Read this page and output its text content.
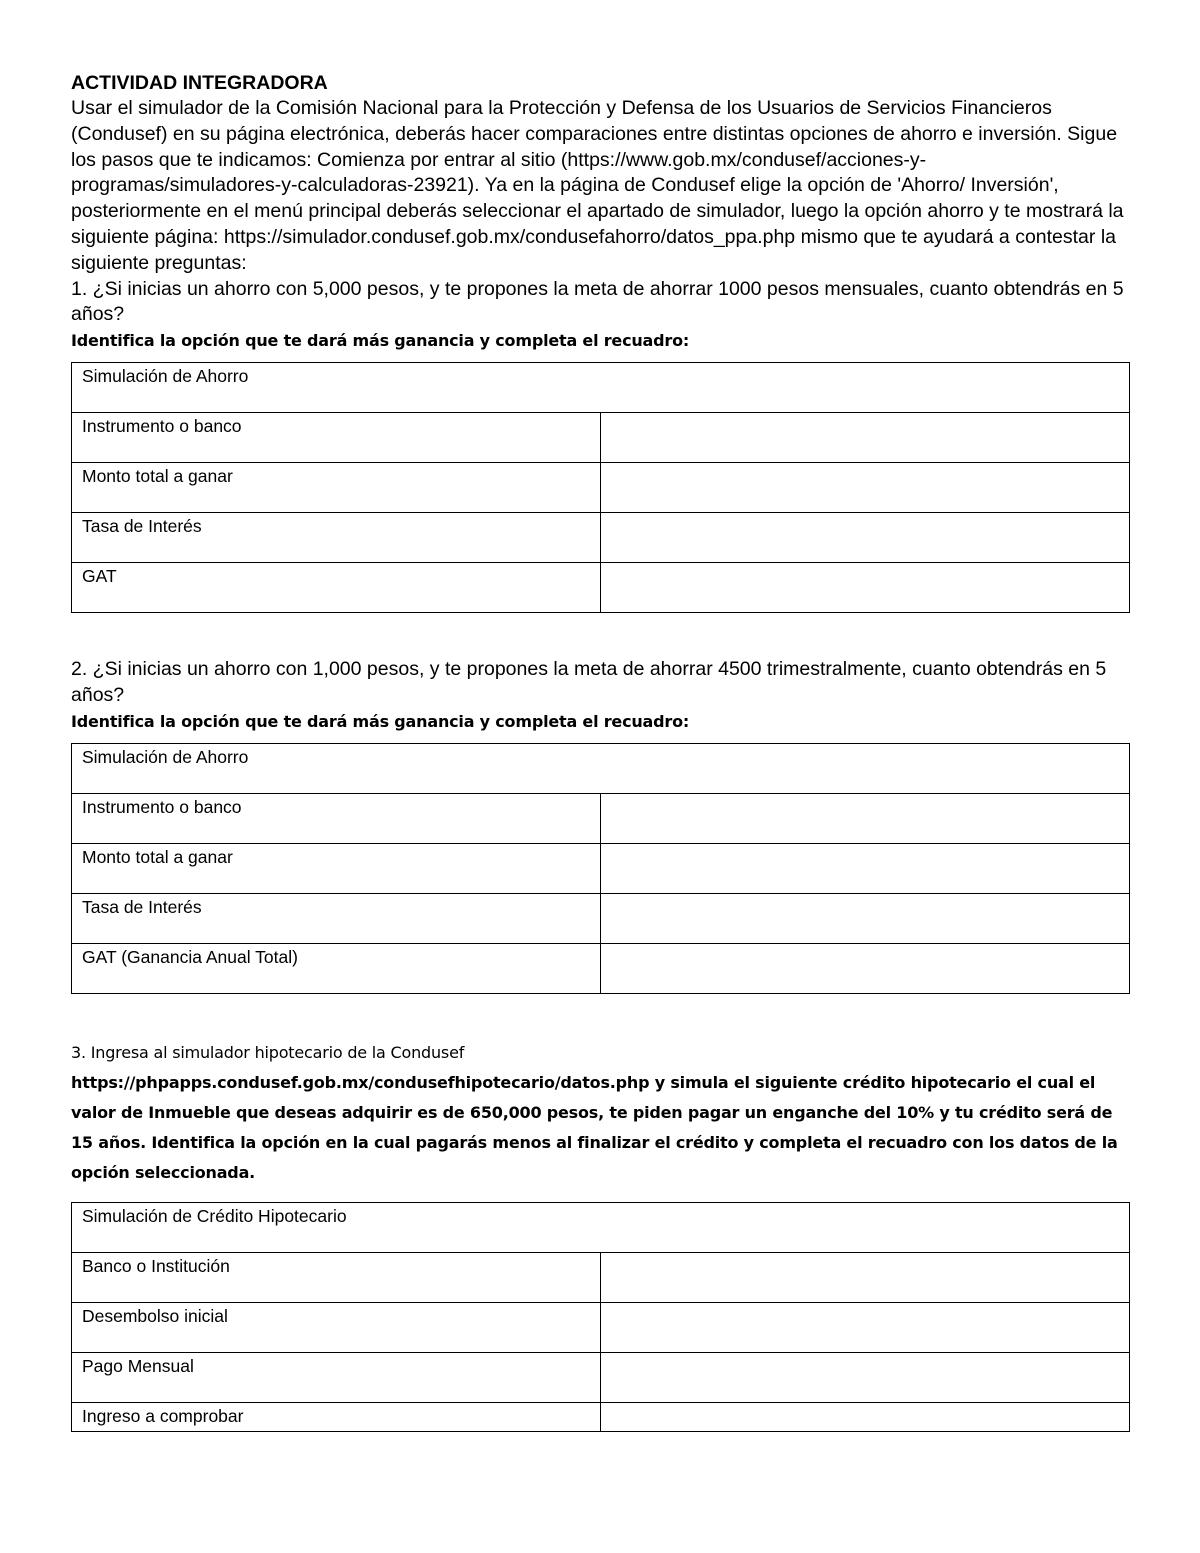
ACTIVIDAD INTEGRADORA

Usar el simulador de la Comisión Nacional para la Protección y Defensa de los Usuarios de Servicios Financieros (Condusef) en su página electrónica, deberás hacer comparaciones entre distintas opciones de ahorro e inversión. Sigue los pasos que te indicamos: Comienza por entrar al sitio (https://www.gob.mx/condusef/acciones-y-programas/simuladores-y-calculadoras-23921). Ya en la página de Condusef elige la opción de 'Ahorro/ Inversión', posteriormente en el menú principal deberás seleccionar el apartado de simulador, luego la opción ahorro y te mostrará la siguiente página: https://simulador.condusef.gob.mx/condusefahorro/datos_ppa.php mismo que te ayudará a contestar la siguiente preguntas:

1. ¿Si inicias un ahorro con 5,000 pesos, y te propones la meta de ahorrar 1000 pesos mensuales, cuanto obtendrás en 5 años?

Identifica la opción que te dará más ganancia y completa el recuadro:

Simulación de Ahorro	
Instrumento o banco	
Monto total a ganar	
Tasa de Interés	
GAT	

2. ¿Si inicias un ahorro con 1,000 pesos, y te propones la meta de ahorrar 4500 trimestralmente, cuanto obtendrás en 5 años?

Identifica la opción que te dará más ganancia y completa el recuadro:

Simulación de Ahorro	
Instrumento o banco	
Monto total a ganar	
Tasa de Interés	
GAT (Ganancia Anual Total)	

3. Ingresa al simulador hipotecario de la Condusef
https://phpapps.condusef.gob.mx/condusefhipotecario/datos.php y simula el siguiente crédito hipotecario el cual el valor de Inmueble que deseas adquirir es de 650,000 pesos, te piden pagar un enganche del 10% y tu crédito será de 15 años. Identifica la opción en la cual pagarás menos al finalizar el crédito y completa el recuadro con los datos de la opción seleccionada.

Simulación de Crédito Hipotecario	
Banco o Institución	
Desembolso inicial	
Pago Mensual	
Ingreso a comprobar	
